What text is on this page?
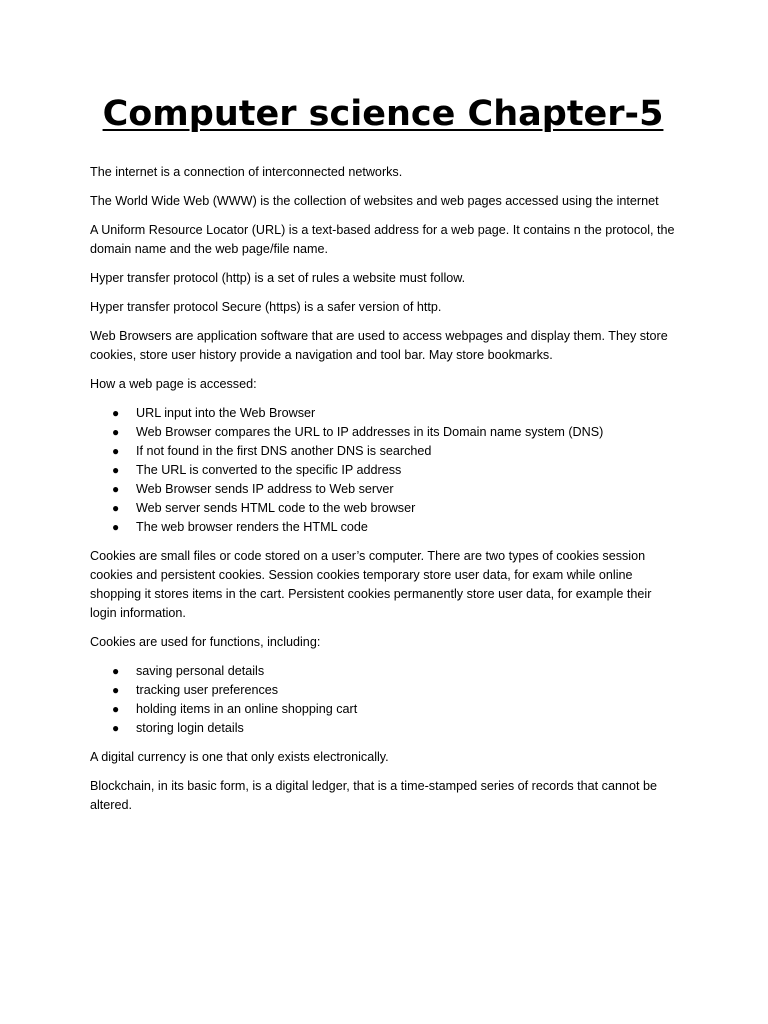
Computer science Chapter-5

The internet is a connection of interconnected networks.

The World Wide Web (WWW) is the collection of websites and web pages accessed using the internet

A Uniform Resource Locator (URL) is a text-based address for a web page. It contains n the protocol, the domain name and the web page/file name.

Hyper transfer protocol (http) is a set of rules a website must follow.

Hyper transfer protocol Secure (https) is a safer version of http.

Web Browsers are application software that are used to access webpages and display them. They store cookies, store user history provide a navigation and tool bar. May store bookmarks.

How a web page is accessed:

● URL input into the Web Browser
● Web Browser compares the URL to IP addresses in its Domain name system (DNS)
● If not found in the first DNS another DNS is searched
● The URL is converted to the specific IP address
● Web Browser sends IP address to Web server
● Web server sends HTML code to the web browser
● The web browser renders the HTML code

Cookies are small files or code stored on a user’s computer. There are two types of cookies session cookies and persistent cookies. Session cookies temporary store user data, for exam while online shopping it stores items in the cart. Persistent cookies permanently store user data, for example their login information.

Cookies are used for functions, including:

● saving personal details
● tracking user preferences
● holding items in an online shopping cart
● storing login details

A digital currency is one that only exists electronically.

Blockchain, in its basic form, is a digital ledger, that is a time-stamped series of records that cannot be altered.
